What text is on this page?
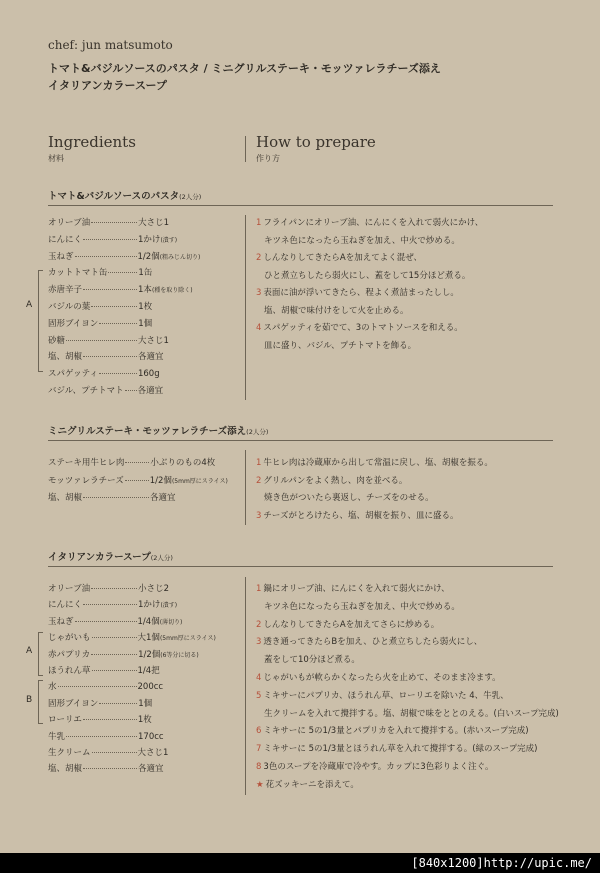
chef: jun matsumoto
トマト&バジルソースのパスタ / ミニグリルステーキ・モッツァレラチーズ添え
イタリアンカラースープ
Ingredients
材料
How to prepare
作り方
トマト&バジルソースのパスタ(2人分)
オリーブ油	大さじ1
にんにく	1かけ(潰す)
玉ねぎ	1/2個(粗みじん切り)
カットトマト缶	1缶
赤唐辛子	1本(種を取り除く)
バジルの葉	1枚
固形ブイヨン	1個
砂糖	大さじ1
塩、胡椒	各適宜
スパゲッティ	160g
バジル、プチトマト 各適宜
A
1 フライパンにオリーブ油、にんにくを入れて弱火にかけ、
キツネ色になったら玉ねぎを加え、中火で炒める。
2 しんなりしてきたらAを加えてよく混ぜ、
ひと煮立ちしたら弱火にし、蓋をして15分ほど煮る。
3 表面に油が浮いてきたら、程よく煮詰まったしし。
塩、胡椒で味付けをして火を止める。
4 スパゲッティを茹でて、3のトマトソースを和える。
皿に盛り、バジル、プチトマトを飾る。
ミニグリルステーキ・モッツァレラチーズ添え(2人分)
ステーキ用牛ヒレ肉	小ぶりのもの4枚
モッツァレラチーズ	1/2個(5mm厚にスライス)
塩、胡椒	各適宜
1 牛ヒレ肉は冷蔵庫から出して常温に戻し、塩、胡椒を振る。
2 グリルパンをよく熱し、肉を並べる。
焼き色がついたら裏返し、チーズをのせる。
3 チーズがとろけたら、塩、胡椒を振り、皿に盛る。
イタリアンカラースープ(2人分)
オリーブ油	小さじ2
にんにく	1かけ(潰す)
玉ねぎ	1/4個(薄切り)
じゃがいも	大1個(5mm厚にスライス)
赤パプリカ	1/2個(6等分に切る)
ほうれん草	1/4把
水	200cc
固形ブイヨン	1個
ローリエ	1枚
牛乳	170cc
生クリーム	大さじ1
塩、胡椒	各適宜
A
B
1 鍋にオリーブ油、にんにくを入れて弱火にかけ、
キツネ色になったら玉ねぎを加え、中火で炒める。
2 しんなりしてきたらAを加えてさらに炒める。
3 透き通ってきたらBを加え、ひと煮立ちしたら弱火にし、
蓋をして10分ほど煮る。
4 じゃがいもが軟らかくなったら火を止めて、そのまま冷ます。
5 ミキサーにパプリカ、ほうれん草、ローリエを除いた 4、牛乳、
生クリームを入れて攪拌する。塩、胡椒で味をととのえる。(白いスープ完成)
6 ミキサーに 5の1/3量とパプリカを入れて攪拌する。(赤いスープ完成)
7 ミキサーに 5の1/3量とほうれん草を入れて攪拌する。(緑のスープ完成)
8 3色のスープを冷蔵庫で冷やす。カップに3色彩りよく注ぐ。
★ 花ズッキーニを添えて。
[840x1200]http://upic.me/
